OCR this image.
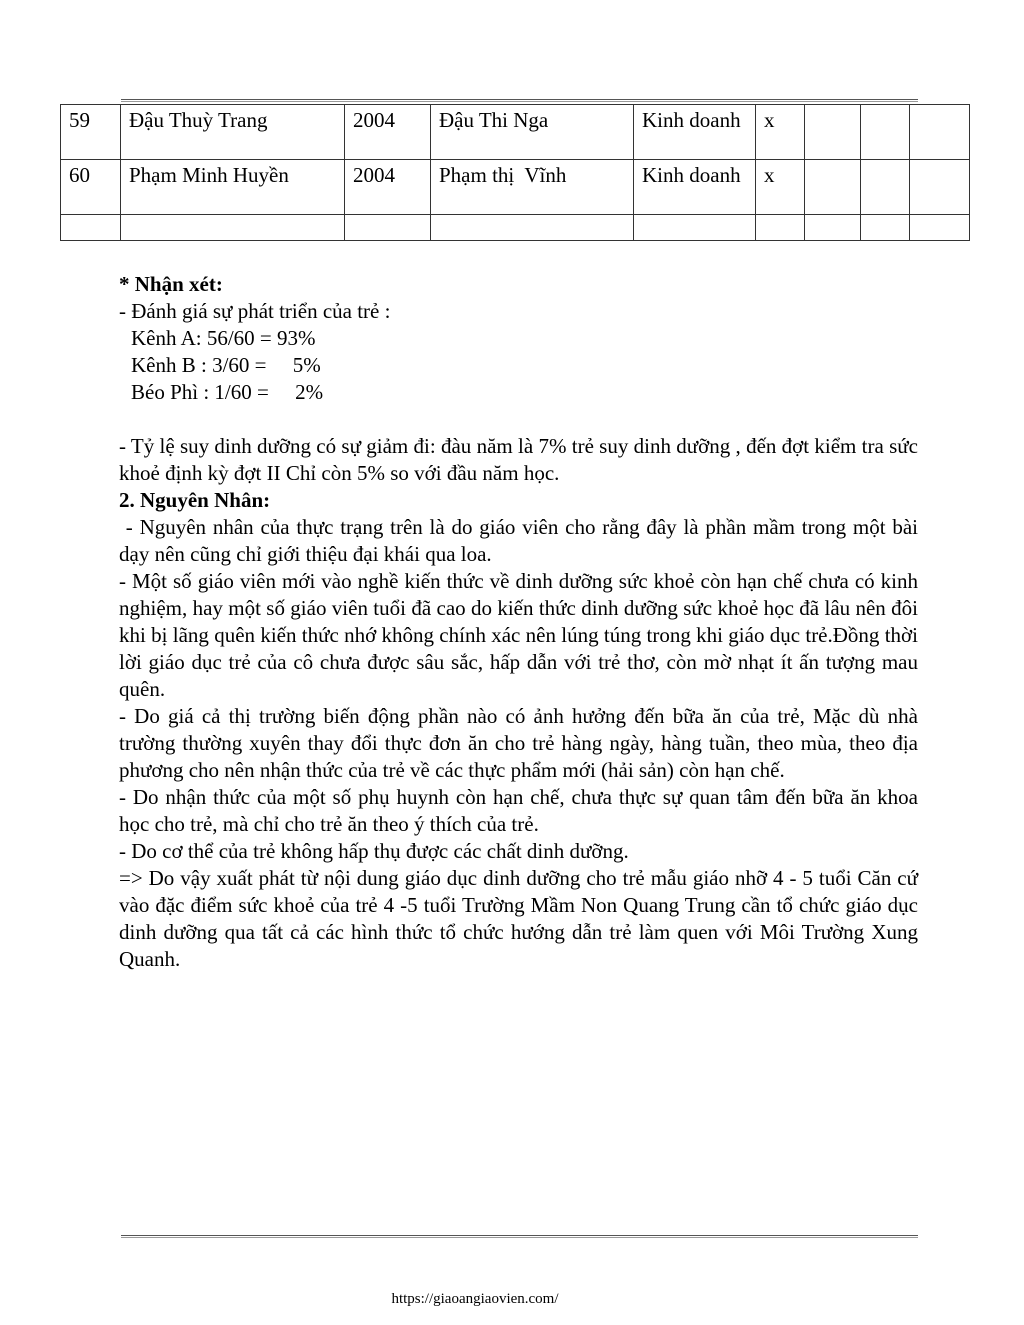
59	Đậu Thuỳ Trang	2004	Đậu Thi Nga	Kinh doanh	x			
60	Phạm Minh Huyền	2004	Phạm thị  Vĩnh	Kinh doanh	x			

* Nhận xét:

- Đánh giá sự phát triển của trẻ :

Kênh A: 56/60 = 93%

Kênh B : 3/60 =     5%

Béo Phì : 1/60 =     2%

- Tỷ lệ suy dinh dưỡng có sự giảm đi: đàu năm là 7% trẻ suy dinh dưỡng , đến đợt kiểm tra sức khoẻ định kỳ đợt II Chỉ còn 5% so với đầu năm học.

2. Nguyên Nhân:

- Nguyên nhân của thực trạng trên là do giáo viên cho rằng đây là phần mầm trong một bài dạy nên cũng chỉ giới thiệu đại khái qua loa.

- Một số giáo viên mới vào nghề kiến thức về dinh dưỡng sức khoẻ còn hạn chế chưa có kinh nghiệm, hay một số giáo viên tuổi đã cao do kiến thức dinh dưỡng sức khoẻ học đã lâu nên đôi khi bị lãng quên kiến thức nhớ không chính xác nên lúng túng trong khi giáo dục trẻ.Đồng thời lời giáo dục trẻ của cô chưa được sâu sắc, hấp dẫn với trẻ thơ, còn mờ nhạt ít ấn tượng mau quên.

- Do giá cả thị trường biến động phần nào có ảnh hưởng đến bữa ăn của trẻ, Mặc dù nhà trường thường xuyên thay đổi thực đơn ăn cho trẻ hàng ngày, hàng tuần, theo mùa, theo địa phương cho nên nhận thức của trẻ về các thực phẩm mới (hải sản) còn hạn chế.

- Do nhận thức của một số phụ huynh còn hạn chế, chưa thực sự quan tâm đến bữa ăn khoa học cho trẻ, mà chỉ cho trẻ ăn theo ý thích của trẻ.

- Do cơ thể của trẻ không hấp thụ được các chất dinh dưỡng.

=> Do vậy xuất phát từ nội dung giáo dục dinh dưỡng cho trẻ mẫu giáo nhỡ 4 - 5 tuổi Căn cứ vào đặc điểm sức khoẻ của trẻ 4 -5 tuổi Trường Mầm Non Quang Trung cần tổ chức giáo dục dinh dưỡng qua tất cả các hình thức tổ chức hướng dẫn trẻ làm quen với Môi Trường Xung Quanh.

https://giaoangiaovien.com/
